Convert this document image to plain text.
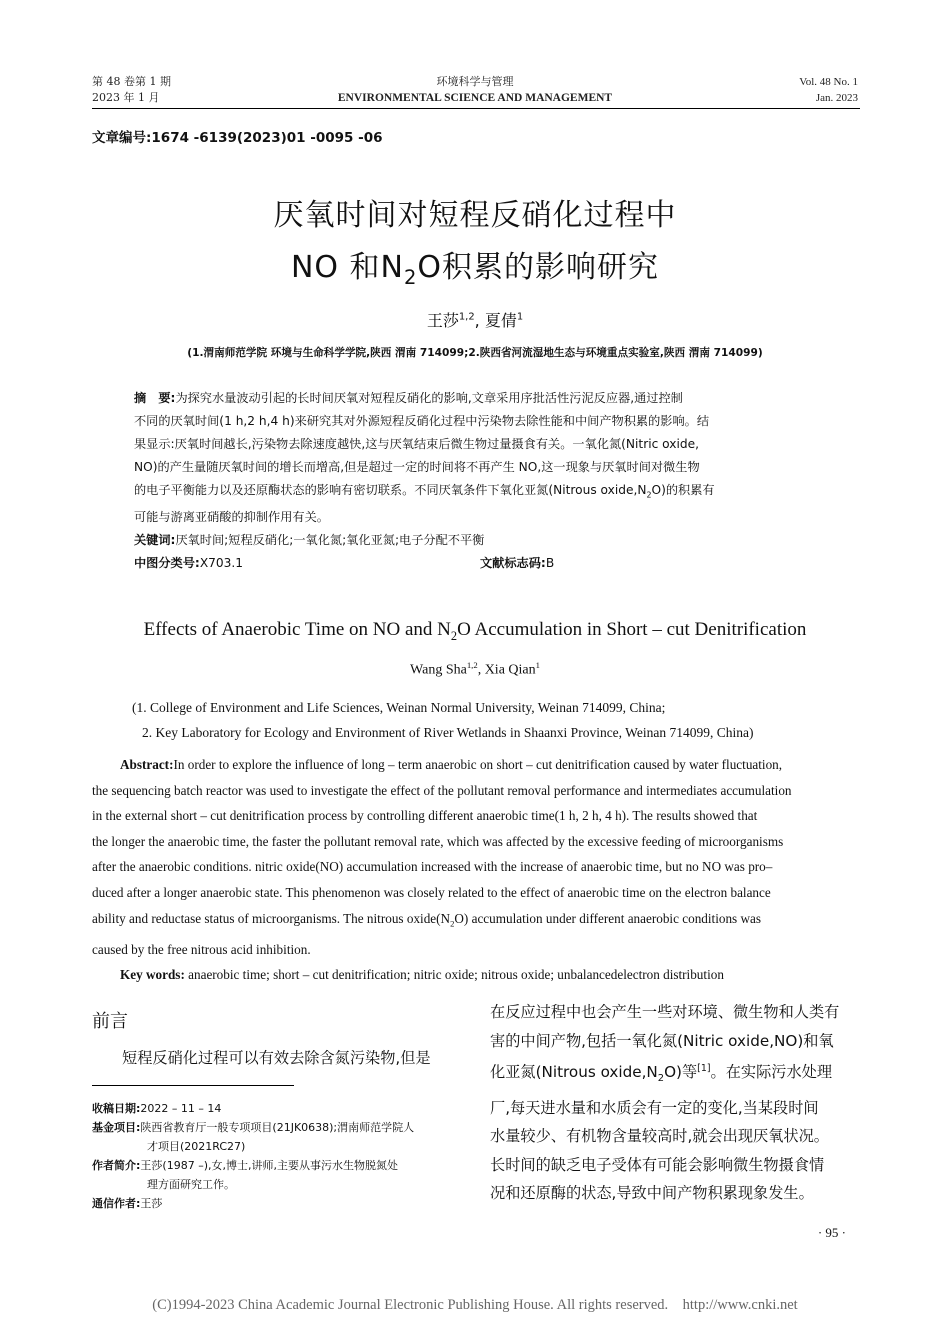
第 48 卷第 1 期
2023 年 1 月
环境科学与管理
ENVIRONMENTAL SCIENCE AND MANAGEMENT
Vol. 48 No. 1
Jan. 2023
文章编号:1674 -6139(2023)01 -0095 -06
厌氧时间对短程反硝化过程中
NO 和$N_2O$积累的影响研究
王莎$^{1,2}$, 夏倩$^1$
(1.渭南师范学院 环境与生命科学学院,陕西 渭南 714099;2.陕西省河流湿地生态与环境重点实验室,陕西 渭南 714099)
摘　要:为探究水量波动引起的长时间厌氧对短程反硝化的影响,文章采用序批活性污泥反应器,通过控制
不同的厌氧时间(1 h,2 h,4 h)来研究其对外源短程反硝化过程中污染物去除性能和中间产物积累的影响。结
果显示:厌氧时间越长,污染物去除速度越快,这与厌氧结束后微生物过量摄食有关。一氧化氮(Nitric oxide,
NO)的产生量随厌氧时间的增长而增高,但是超过一定的时间将不再产生 NO,这一现象与厌氧时间对微生物
的电子平衡能力以及还原酶状态的影响有密切联系。不同厌氧条件下氧化亚氮(Nitrous $oxide,N_2O$)的积累有
可能与游离亚硝酸的抑制作用有关。
关键词:厌氧时间;短程反硝化;一氧化氮;氧化亚氮;电子分配不平衡
中图分类号:X703.1	文献标志码:B
Effects of Anaerobic Time on NO and $N_2O$ Accumulation in Short – cut Denitrification
Wang Sha$^{1,2}$, Xia Qian$^1$
(1. College of Environment and Life Sciences, Weinan Normal University, Weinan 714099, China;
2. Key Laboratory for Ecology and Environment of River Wetlands in Shaanxi Province, Weinan 714099, China)
Abstract:In order to explore the influence of long – term anaerobic on short – cut denitrification caused by water fluctuation,
the sequencing batch reactor was used to investigate the effect of the pollutant removal performance and intermediates accumulation
in the external short – cut denitrification process by controlling different anaerobic time(1 h, 2 h, 4 h). The results showed that
the longer the anaerobic time, the faster the pollutant removal rate, which was affected by the excessive feeding of microorganisms
after the anaerobic conditions. nitric oxide(NO) accumulation increased with the increase of anaerobic time, but no NO was pro–
duced after a longer anaerobic state. This phenomenon was closely related to the effect of anaerobic time on the electron balance
ability and reductase status of microorganisms. The nitrous $oxide(N_2O)$ accumulation under different anaerobic conditions was
caused by the free nitrous acid inhibition.
Key words: anaerobic time; short – cut denitrification; nitric oxide; nitrous oxide; unbalancedelectron distribution
前言
短程反硝化过程可以有效去除含氮污染物,但是
收稿日期:2022 – 11 – 14
基金项目:陕西省教育厅一般专项项目(21JK0638);渭南师范学院人
才项目(2021RC27)
作者简介:王莎(1987 –),女,博士,讲师,主要从事污水生物脱氮处
理方面研究工作。
通信作者:王莎
在反应过程中也会产生一些对环境、微生物和人类有
害的中间产物,包括一氧化氮(Nitric oxide,NO)和氧
化亚氮(Nitrous $oxide,N_2O$)等[1]。在实际污水处理
厂,每天进水量和水质会有一定的变化,当某段时间
水量较少、有机物含量较高时,就会出现厌氧状况。
长时间的缺乏电子受体有可能会影响微生物摄食情
况和还原酶的状态,导致中间产物积累现象发生。
· 95 ·
(C)1994-2023 China Academic Journal Electronic Publishing House. All rights reserved.    http://www.cnki.net
